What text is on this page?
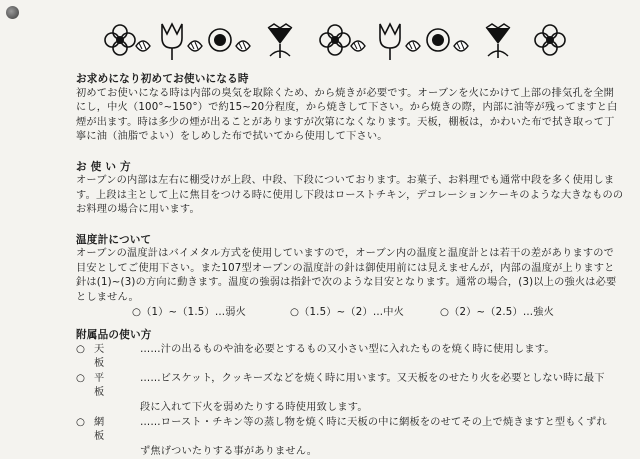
お求めになり初めてお使いになる時

初めてお使いになる時は内部の臭気を取除くため、から焼きが必要です。オーブンを火にかけて上部の排気孔を全開にし，中火（100°~150°）で約15~20分程度，から焼きして下さい。から焼きの際，内部に油等が残ってますと白煙が出ます。時は多少の煙が出ることがありますが次第になくなります。天板，棚板は，かわいた布で拭き取って丁寧に油（油脂でよい）をしめした布で拭いてから使用して下さい。

お 使 い 方

オーブンの内部は左右に棚受けが上段、中段、下段についております。お菓子、お料理でも通常中段を多く使用します。上段は主として上に焦目をつける時に使用し下段はローストチキン，デコレーションケーキのような大きなもののお料理の場合に用います。

温度計について

オーブンの温度計はバイメタル方式を使用していますので，オーブン内の温度と温度計とは若干の差がありますので目安としてご使用下さい。また107型オーブンの温度計の針は御使用前には見えませんが，内部の温度が上りますと針は(1)~(3)の方向に動きます。温度の強弱は指針で次のような目安となります。通常の場合，(3)以上の強火は必要としません。

○（1）~（1.5）…弱火	○（1.5）~（2）…中火	○（2）~（2.5）…強火
附属品の使い方
○ 天　板
……汁の出るものや油を必要とするもの又小さい型に入れたものを焼く時に使用します。
○ 平　板
……ビスケット，クッキーズなどを焼く時に用います。又天板をのせたり火を必要としない時に最下
段に入れて下火を弱めたりする時使用致します。
○ 網　板
……ロースト・チキン等の蒸し物を焼く時に天板の中に網板をのせてその上で焼きますと型もくずれ
ず焦げついたりする事がありません。
